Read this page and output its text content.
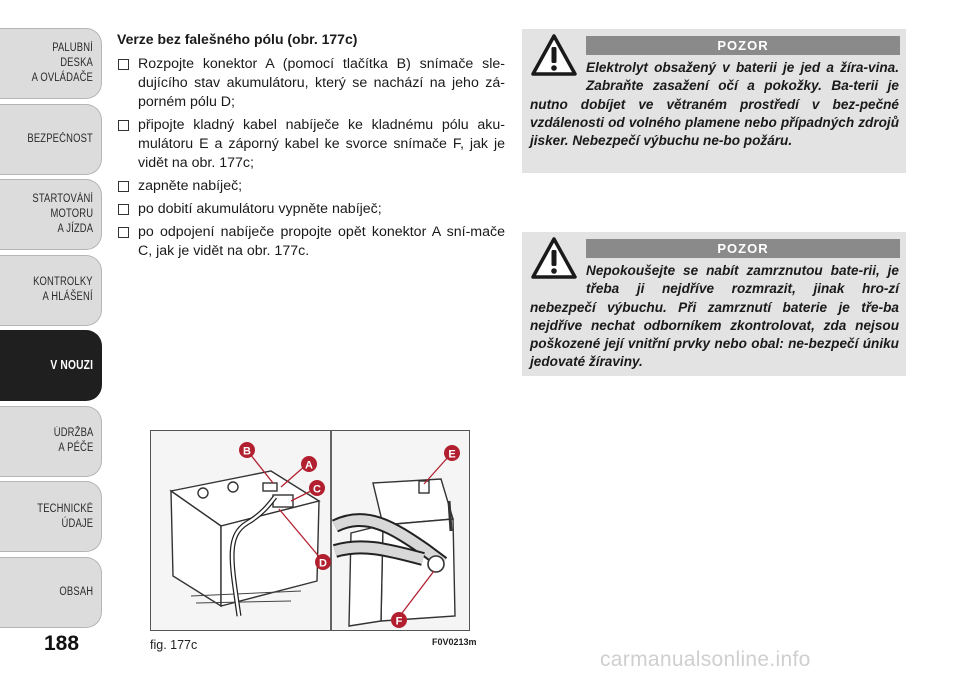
PALUBNÍ DESKA
A OVLÁDAČE
BEZPEČNOST
STARTOVÁNÍ
MOTORU
A JÍZDA
KONTROLKY
A HLÁŠENÍ
V NOUZI
ÚDRŽBA
A PÉČE
TECHNICKÉ
ÚDAJE
OBSAH
188

Verze bez falešného pólu (obr. 177c)

Rozpojte konektor A (pomocí tlačítka B) snímače sle-dujícího stav akumulátoru, který se nachází na jeho zá-porném pólu D;
připojte kladný kabel nabíječe ke kladnému pólu aku-mulátoru E a záporný kabel ke svorce snímače F, jak je vidět na obr. 177c;
zapněte nabíječ;
po dobití akumulátoru vypněte nabíječ;
po odpojení nabíječe propojte opět konektor A sní-mače C, jak je vidět na obr. 177c.
POZOR
Elektrolyt obsažený v baterii je jed a žíra-vina. Zabraňte zasažení očí a pokožky. Ba-terii je nutno dobíjet ve větraném prostředí v bez-pečné vzdálenosti od volného plamene nebo případných zdrojů jisker. Nebezpečí výbuchu ne-bo požáru.
POZOR
Nepokoušejte se nabít zamrznutou bate-rii, je třeba ji nejdříve rozmrazit, jinak hro-zí nebezpečí výbuchu. Při zamrznutí baterie je tře-ba nejdříve nechat odborníkem zkontrolovat, zda nejsou poškozené její vnitřní prvky nebo obal: ne-bezpečí úniku jedovaté žíraviny.
B
A
C
D
E
F
fig. 177c	F0V0213m
carmanualsonline.info
